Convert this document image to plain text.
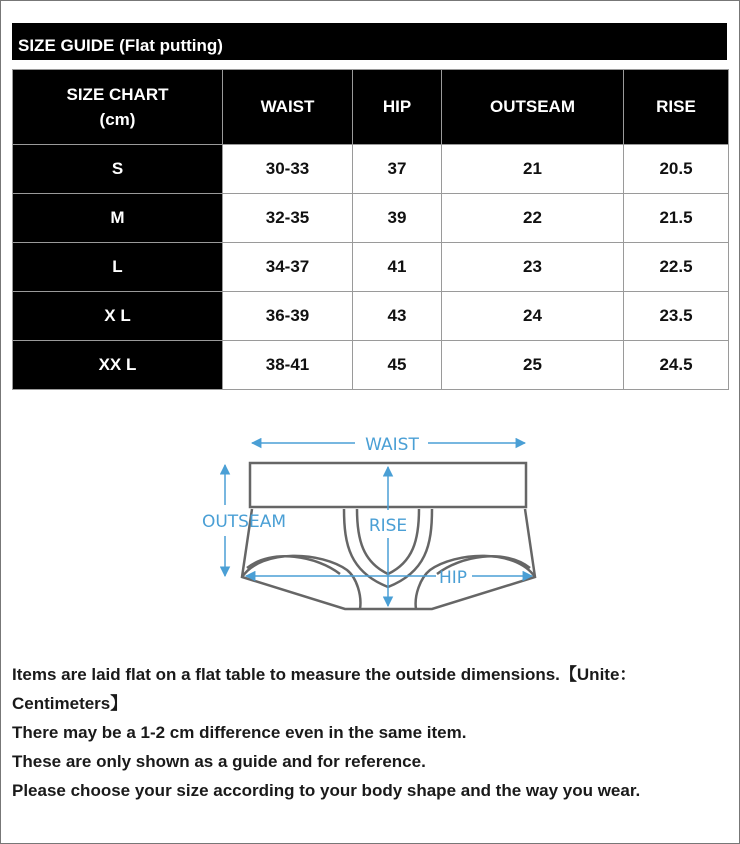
SIZE GUIDE (Flat putting)
SIZE CHART
(cm)	WAIST	HIP	OUTSEAM	RISE
S	30-33	37	21	20.5
M	32-35	39	22	21.5
L	34-37	41	23	22.5
X L	36-39	43	24	23.5
XX L	38-41	45	25	24.5
WAIST
OUTSEAM	RISE
HIP

Items are laid flat on a flat table to measure the outside dimensions.【Unite：Centimeters】

There may be a 1-2 cm difference even in the same item.

These are only shown as a guide and for reference.

Please choose your size according to your body shape and the way you wear.
